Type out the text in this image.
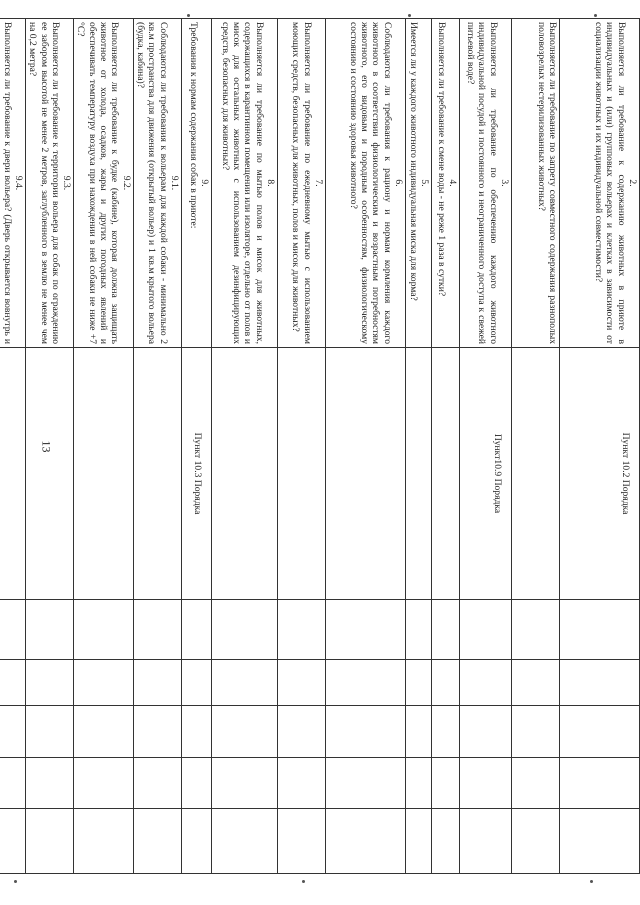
13
2.
Выполняется ли требование к содержанию животных в приюте в индивидуальных и (или) групповых вольерах и клетках в зависимости от социализации животных и их индивидуальной совместимости?	Пункт 10.2 Порядка					
Выполняется ли требование по запрету совместного содержания разнополых половозрелых нестерилизованных животных?						

3.
Выполняется ли требование по обеспечению каждого животного индивидуальной посудой и постоянного и неограниченного доступа к свежей питьевой воде?	Пункт10.9 Порядка					

4.
Выполняется ли требование к смене воды - не реже 1 раза в сутки?						

5.
Имеется ли у каждого животного индивидуальная миска для корма?						

6.
Соблюдаются ли требования к рациону и нормам кормления каждого животного в соответствии физиологическим и возрастным потребностям животного, его видовым и породным особенностям, физиологическому состоянию и состоянию здоровья животного?						

7.
Выполняется ли требование по ежедневному мытью с использованием моющих средств, безопасных для животных, полов и мисок для животных?						

8.
Выполняется ли требование по мытью полов и мисок для животных, содержащихся в карантинном помещении или изоляторе, отдельно от полов и мисок для остальных животных с использованием дезинфицирующих средств, безопасных для животных?						

9.
Требования к нормам содержания собак в приюте:	Пункт 10.3 Порядка					

9.1.
Соблюдаются ли требования к вольерам для каждой собаки - минимально 2 кв.м пространства для движения (открытый вольер) и 1 кв.м крытого вольера (будка, кабина)?						

9.2.
Выполняется ли требование к будке (кабине), которая должна защищать животное от холода, осадков, жары и других погодных явлений и обеспечивать температуру воздуха при нахождении в ней собаки не ниже +7 °С?						

9.3.
Выполняется ли требование к территории вольера для собак по ограждению ее забором высотой не менее 2 метров, заглубленного в землю не менее чем на 0,2 метра?						

9.4.
Выполняется ли требование к двери вольера? (Дверь открывается вовнутрь и						
